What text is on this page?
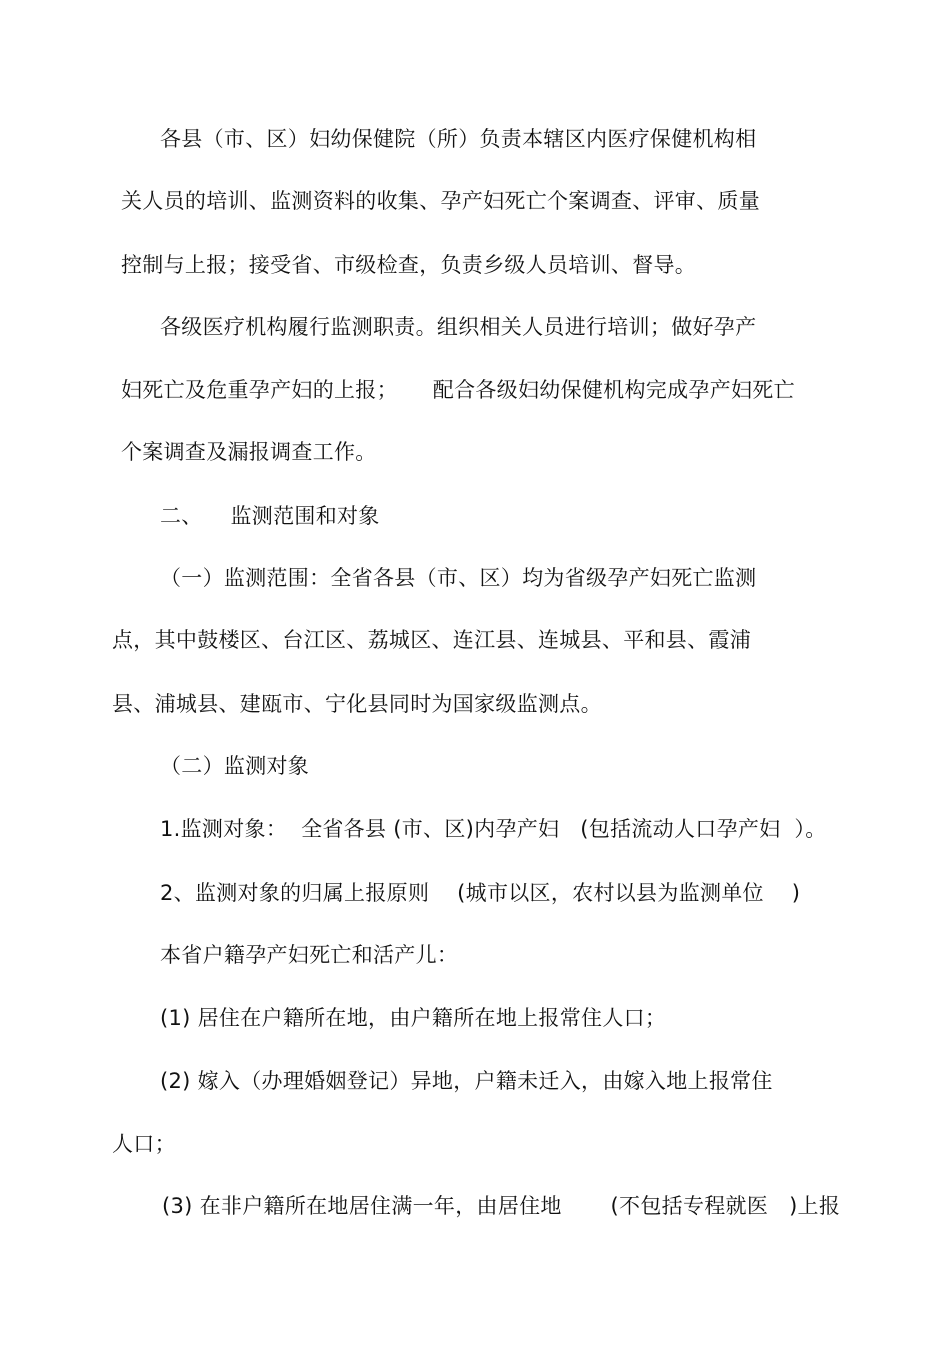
各县（市、区）妇幼保健院（所）负责本辖区内医疗保健机构相
关人员的培训、监测资料的收集、孕产妇死亡个案调查、评审、质量
控制与上报；接受省、市级检查，负责乡级人员培训、督导。
各级医疗机构履行监测职责。组织相关人员进行培训；做好孕产
妇死亡及危重孕产妇的上报；     配合各级妇幼保健机构完成孕产妇死亡
个案调查及漏报调查工作。
二、    监测范围和对象
（一）监测范围：全省各县（市、区）均为省级孕产妇死亡监测
点，其中鼓楼区、台江区、荔城区、连江县、连城县、平和县、霞浦
县、浦城县、建瓯市、宁化县同时为国家级监测点。
（二）监测对象
1.监测对象：  全省各县 (市、区)内孕产妇   (包括流动人口孕产妇  ）。
2、监测对象的归属上报原则    (城市以区，农村以县为监测单位    )
本省户籍孕产妇死亡和活产儿：
(1) 居住在户籍所在地，由户籍所在地上报常住人口；
(2) 嫁入（办理婚姻登记）异地，户籍未迁入，由嫁入地上报常住
人口；
(3) 在非户籍所在地居住满一年，由居住地       (不包括专程就医   )上报
